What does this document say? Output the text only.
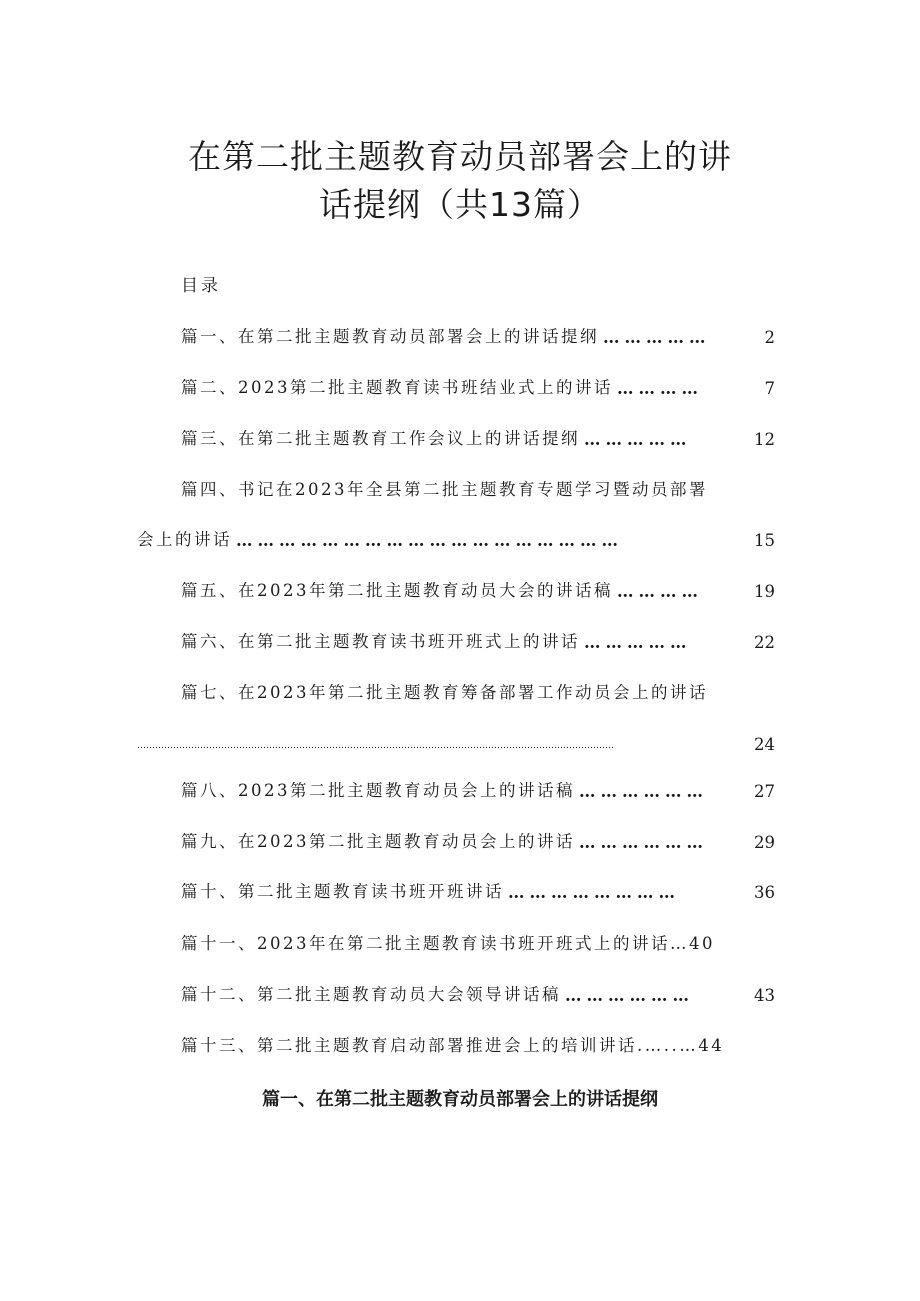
在第二批主题教育动员部署会上的讲
话提纲（共13篇）
目录
篇一、在第二批主题教育动员部署会上的讲话提纲 ……………	2
篇二、2023第二批主题教育读书班结业式上的讲话 …………	7
篇三、在第二批主题教育工作会议上的讲话提纲 ……………	12
篇四、书记在2023年全县第二批主题教育专题学习暨动员部署
会上的讲话 ………………………………………………	15
篇五、在2023年第二批主题教育动员大会的讲话稿 …………	19
篇六、在第二批主题教育读书班开班式上的讲话 ……………	22
篇七、在2023年第二批主题教育筹备部署工作动员会上的讲话
……………………………………………………………………………………………………………………………………………	24
篇八、2023第二批主题教育动员会上的讲话稿 ………………	27
篇九、在2023第二批主题教育动员会上的讲话 ………………	29
篇十、第二批主题教育读书班开班讲话 ……………………	36
篇十一、2023年在第二批主题教育读书班开班式上的讲话…40
篇十二、第二批主题教育动员大会领导讲话稿 ………………	43
篇十三、第二批主题教育启动部署推进会上的培训讲话.…..…44
篇一、在第二批主题教育动员部署会上的讲话提纲
